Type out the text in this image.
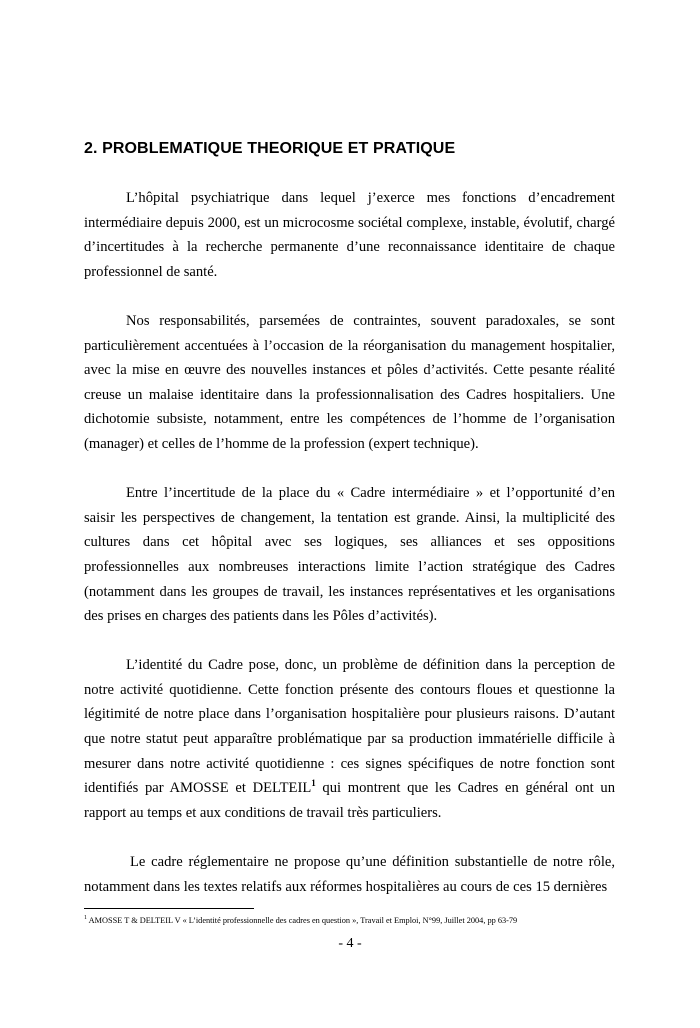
2. PROBLEMATIQUE THEORIQUE ET PRATIQUE

L’hôpital psychiatrique dans lequel j’exerce mes fonctions d’encadrement intermédiaire depuis 2000, est un microcosme sociétal complexe, instable, évolutif, chargé d’incertitudes à la recherche permanente d’une reconnaissance identitaire de chaque professionnel de santé.

Nos responsabilités, parsemées de contraintes, souvent paradoxales, se sont particulièrement accentuées à l’occasion de la réorganisation du management hospitalier, avec la mise en œuvre des nouvelles instances et pôles d’activités. Cette pesante réalité creuse un malaise identitaire dans la professionnalisation des Cadres hospitaliers. Une dichotomie subsiste, notamment, entre les compétences de l’homme de l’organisation (manager) et celles de l’homme de la profession (expert technique).

Entre l’incertitude de la place du « Cadre intermédiaire » et l’opportunité d’en saisir les perspectives de changement, la tentation est grande. Ainsi, la multiplicité des cultures dans cet hôpital avec ses logiques, ses alliances et ses oppositions professionnelles aux nombreuses interactions limite l’action stratégique des Cadres (notamment dans les groupes de travail, les instances représentatives et les organisations des prises en charges des patients dans les Pôles d’activités).

L’identité du Cadre pose, donc, un problème de définition dans la perception de notre activité quotidienne. Cette fonction présente des contours floues et questionne la légitimité de notre place dans l’organisation hospitalière pour plusieurs raisons. D’autant que notre statut peut apparaître problématique par sa production immatérielle difficile à mesurer dans notre activité quotidienne : ces signes spécifiques de notre fonction sont identifiés par AMOSSE et DELTEIL$^1$ qui montrent que les Cadres en général ont un rapport au temps et aux conditions de travail très particuliers.

Le cadre réglementaire ne propose qu’une définition substantielle de notre rôle, notamment dans les textes relatifs aux réformes hospitalières au cours de ces 15 dernières

$^1$ AMOSSE T & DELTEIL V « L’identité professionnelle des cadres en question », Travail et Emploi, N°99, Juillet 2004, pp 63-79
- 4 -
